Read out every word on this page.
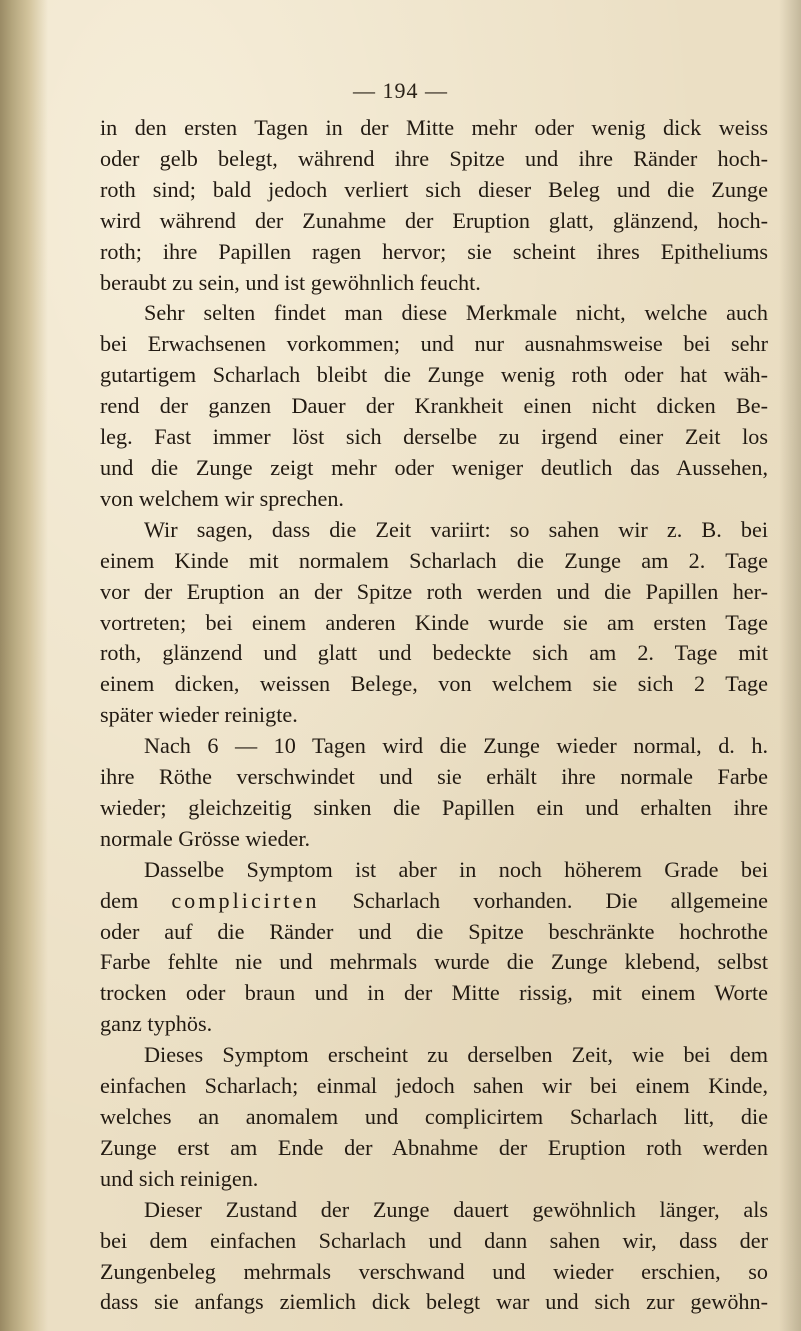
— 194 —
in den ersten Tagen in der Mitte mehr oder wenig dick weiss
oder gelb belegt, während ihre Spitze und ihre Ränder hoch-
roth sind; bald jedoch verliert sich dieser Beleg und die Zunge
wird während der Zunahme der Eruption glatt, glänzend, hoch-
roth; ihre Papillen ragen hervor; sie scheint ihres Epitheliums
beraubt zu sein, und ist gewöhnlich feucht.
Sehr selten findet man diese Merkmale nicht, welche auch
bei Erwachsenen vorkommen; und nur ausnahmsweise bei sehr
gutartigem Scharlach bleibt die Zunge wenig roth oder hat wäh-
rend der ganzen Dauer der Krankheit einen nicht dicken Be-
leg. Fast immer löst sich derselbe zu irgend einer Zeit los
und die Zunge zeigt mehr oder weniger deutlich das Aussehen,
von welchem wir sprechen.
Wir sagen, dass die Zeit variirt: so sahen wir z. B. bei
einem Kinde mit normalem Scharlach die Zunge am 2. Tage
vor der Eruption an der Spitze roth werden und die Papillen her-
vortreten; bei einem anderen Kinde wurde sie am ersten Tage
roth, glänzend und glatt und bedeckte sich am 2. Tage mit
einem dicken, weissen Belege, von welchem sie sich 2 Tage
später wieder reinigte.
Nach 6 — 10 Tagen wird die Zunge wieder normal, d. h.
ihre Röthe verschwindet und sie erhält ihre normale Farbe
wieder; gleichzeitig sinken die Papillen ein und erhalten ihre
normale Grösse wieder.
Dasselbe Symptom ist aber in noch höherem Grade bei
dem complicirten Scharlach vorhanden. Die allgemeine
oder auf die Ränder und die Spitze beschränkte hochrothe
Farbe fehlte nie und mehrmals wurde die Zunge klebend, selbst
trocken oder braun und in der Mitte rissig, mit einem Worte
ganz typhös.
Dieses Symptom erscheint zu derselben Zeit, wie bei dem
einfachen Scharlach; einmal jedoch sahen wir bei einem Kinde,
welches an anomalem und complicirtem Scharlach litt, die
Zunge erst am Ende der Abnahme der Eruption roth werden
und sich reinigen.
Dieser Zustand der Zunge dauert gewöhnlich länger, als
bei dem einfachen Scharlach und dann sahen wir, dass der
Zungenbeleg mehrmals verschwand und wieder erschien, so
dass sie anfangs ziemlich dick belegt war und sich zur gewöhn-
